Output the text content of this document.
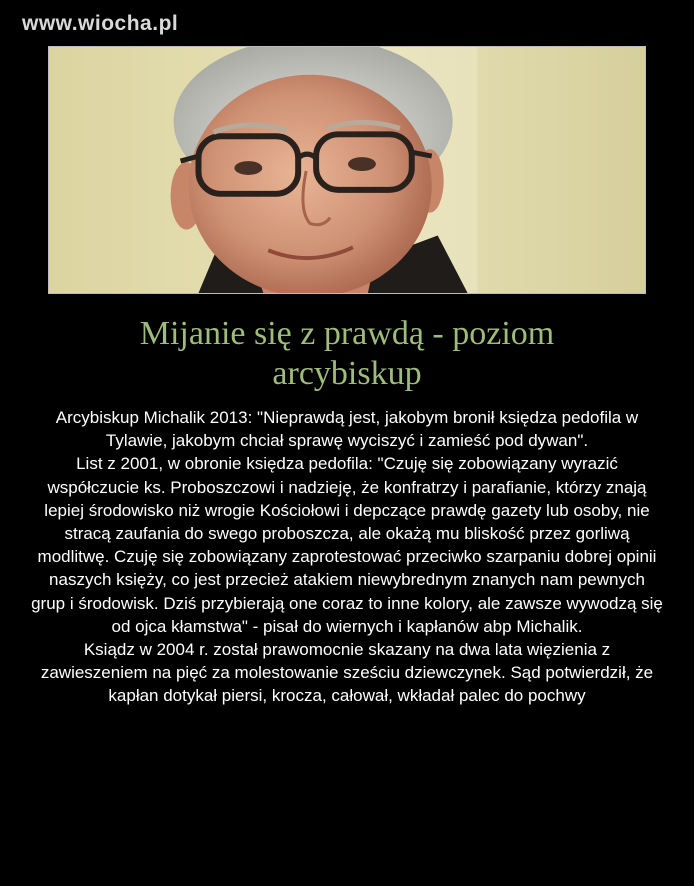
www.wiocha.pl
Mijanie się z prawdą - poziom
arcybiskup

Arcybiskup Michalik 2013: "Nieprawdą jest, jakobym bronił księdza pedofila w Tylawie, jakobym chciał sprawę wyciszyć i zamieść pod dywan".

List z 2001, w obronie księdza pedofila: "Czuję się zobowiązany wyrazić współczucie ks. Proboszczowi i nadzieję, że konfratrzy i parafianie, którzy znają lepiej środowisko niż wrogie Kościołowi i depczące prawdę gazety lub osoby, nie stracą zaufania do swego proboszcza, ale okażą mu bliskość przez gorliwą modlitwę. Czuję się zobowiązany zaprotestować przeciwko szarpaniu dobrej opinii naszych księży, co jest przecież atakiem niewybrednym znanych nam pewnych grup i środowisk. Dziś przybierają one coraz to inne kolory, ale zawsze wywodzą się od ojca kłamstwa" - pisał do wiernych i kapłanów abp Michalik.

Ksiądz w 2004 r. został prawomocnie skazany na dwa lata więzienia z zawieszeniem na pięć za molestowanie sześciu dziewczynek. Sąd potwierdził, że kapłan dotykał piersi, krocza, całował, wkładał palec do pochwy
